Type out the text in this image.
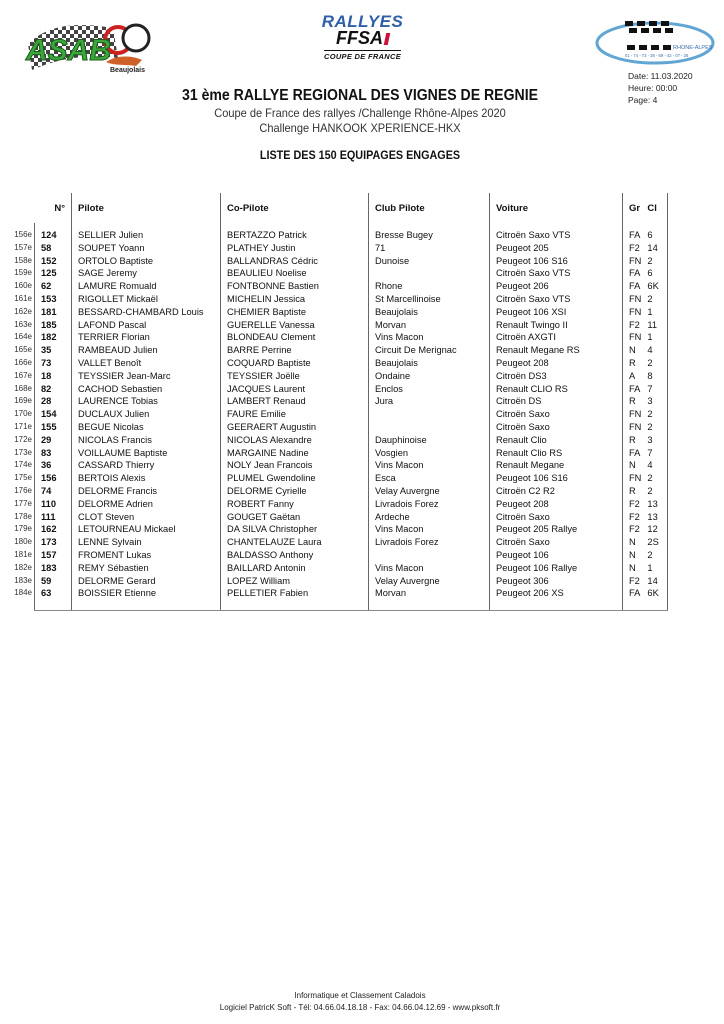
ASAB
Beaujolais
RALLYES
FFSA
COUPE DE FRANCE
RHONE-ALPES
01 - 74 - 73 - 38 - 69 - 42 - 07 - 26
Date: 11.03.2020
Heure: 00:00
Page: 4
31 ème RALLYE REGIONAL DES VIGNES DE REGNIE
Coupe de France des rallyes /Challenge Rhône-Alpes 2020
Challenge HANKOOK XPERIENCE-HKX
LISTE DES 150 EQUIPAGES ENGAGES
	N°	Pilote	Co-Pilote	Club Pilote	Voiture	Gr	Cl

156e	124	SELLIER Julien	BERTAZZO Patrick	Bresse Bugey	Citroën Saxo VTS	FA	6
157e	58	SOUPET Yoann	PLATHEY Justin	71	Peugeot 205	F2	14
158e	152	ORTOLO Baptiste	BALLANDRAS Cédric	Dunoise	Peugeot 106 S16	FN	2
159e	125	SAGE Jeremy	BEAULIEU Noelise		Citroën Saxo VTS	FA	6
160e	62	LAMURE Romuald	FONTBONNE Bastien	Rhone	Peugeot 206	FA	6K
161e	153	RIGOLLET Mickaël	MICHELIN Jessica	St Marcellinoise	Citroën Saxo VTS	FN	2
162e	181	BESSARD-CHAMBARD Louis	CHEMIER Baptiste	Beaujolais	Peugeot 106 XSI	FN	1
163e	185	LAFOND Pascal	GUERELLE Vanessa	Morvan	Renault Twingo II	F2	11
164e	182	TERRIER Florian	BLONDEAU Clement	Vins Macon	Citroën AXGTI	FN	1
165e	35	RAMBEAUD Julien	BARRE Perrine	Circuit De Merignac	Renault Megane RS	N	4
166e	73	VALLET Benoît	COQUARD Baptiste	Beaujolais	Peugeot 208	R	2
167e	18	TEYSSIER Jean-Marc	TEYSSIER Joëlle	Ondaine	Citroën DS3	A	8
168e	82	CACHOD Sebastien	JACQUES Laurent	Enclos	Renault CLIO RS	FA	7
169e	28	LAURENCE Tobias	LAMBERT Renaud	Jura	Citroën DS	R	3
170e	154	DUCLAUX Julien	FAURE Emilie		Citroën Saxo	FN	2
171e	155	BEGUE Nicolas	GEERAERT Augustin		Citroën Saxo	FN	2
172e	29	NICOLAS Francis	NICOLAS Alexandre	Dauphinoise	Renault Clio	R	3
173e	83	VOILLAUME Baptiste	MARGAINE Nadine	Vosgien	Renault Clio RS	FA	7
174e	36	CASSARD Thierry	NOLY Jean Francois	Vins Macon	Renault Megane	N	4
175e	156	BERTOIS Alexis	PLUMEL Gwendoline	Esca	Peugeot 106 S16	FN	2
176e	74	DELORME Francis	DELORME Cyrielle	Velay Auvergne	Citroën C2 R2	R	2
177e	110	DELORME Adrien	ROBERT Fanny	Livradois Forez	Peugeot 208	F2	13
178e	111	CLOT Steven	GOUGET Gaëtan	Ardeche	Citroën Saxo	F2	13
179e	162	LETOURNEAU Mickael	DA SILVA Christopher	Vins Macon	Peugeot 205 Rallye	F2	12
180e	173	LENNE Sylvain	CHANTELAUZE Laura	Livradois Forez	Citroën Saxo	N	2S
181e	157	FROMENT Lukas	BALDASSO Anthony		Peugeot 106	N	2
182e	183	REMY Sébastien	BAILLARD Antonin	Vins Macon	Peugeot 106 Rallye	N	1
183e	59	DELORME Gerard	LOPEZ William	Velay Auvergne	Peugeot 306	F2	14
184e	63	BOISSIER Etienne	PELLETIER Fabien	Morvan	Peugeot 206 XS	FA	6K

Informatique et Classement Caladois
Logiciel PatricK Soft - Tél: 04.66.04.18.18 - Fax: 04.66.04.12.69 - www.pksoft.fr
